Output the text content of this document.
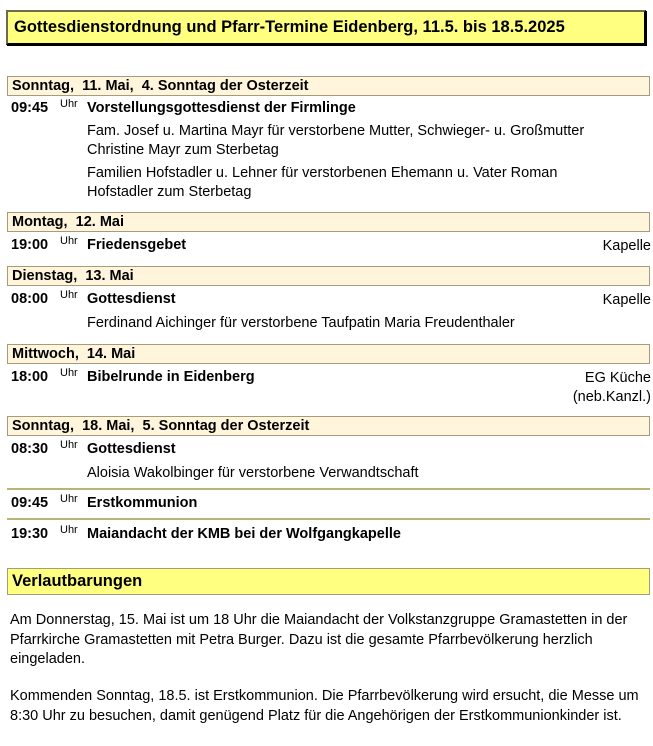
Gottesdienstordnung und Pfarr-Termine Eidenberg, 11.5. bis 18.5.2025
Sonntag,  11. Mai,  4. Sonntag der Osterzeit
09:45 Uhr Vorstellungsgottesdienst der Firmlinge
Fam. Josef u. Martina Mayr für verstorbene Mutter, Schwieger- u. Großmutter Christine Mayr zum Sterbetag
Familien Hofstadler u. Lehner für verstorbenen Ehemann u. Vater Roman Hofstadler zum Sterbetag
Montag,  12. Mai
19:00 Uhr Friedensgebet	Kapelle
Dienstag,  13. Mai
08:00 Uhr Gottesdienst	Kapelle
Ferdinand Aichinger für verstorbene Taufpatin Maria Freudenthaler
Mittwoch,  14. Mai
18:00 Uhr Bibelrunde in Eidenberg	EG Küche
(neb.Kanzl.)
Sonntag,  18. Mai,  5. Sonntag der Osterzeit
08:30 Uhr Gottesdienst
Aloisia Wakolbinger für verstorbene Verwandtschaft
09:45 Uhr Erstkommunion
19:30 Uhr Maiandacht der KMB bei der Wolfgangkapelle
Verlautbarungen
Am Donnerstag, 15. Mai ist um 18 Uhr die Maiandacht der Volkstanzgruppe Gramastetten in der Pfarrkirche Gramastetten mit Petra Burger. Dazu ist die gesamte Pfarrbevölkerung herzlich eingeladen.
Kommenden Sonntag, 18.5. ist Erstkommunion. Die Pfarrbevölkerung wird ersucht, die Messe um 8:30 Uhr zu besuchen, damit genügend Platz für die Angehörigen der Erstkommunionkinder ist.
